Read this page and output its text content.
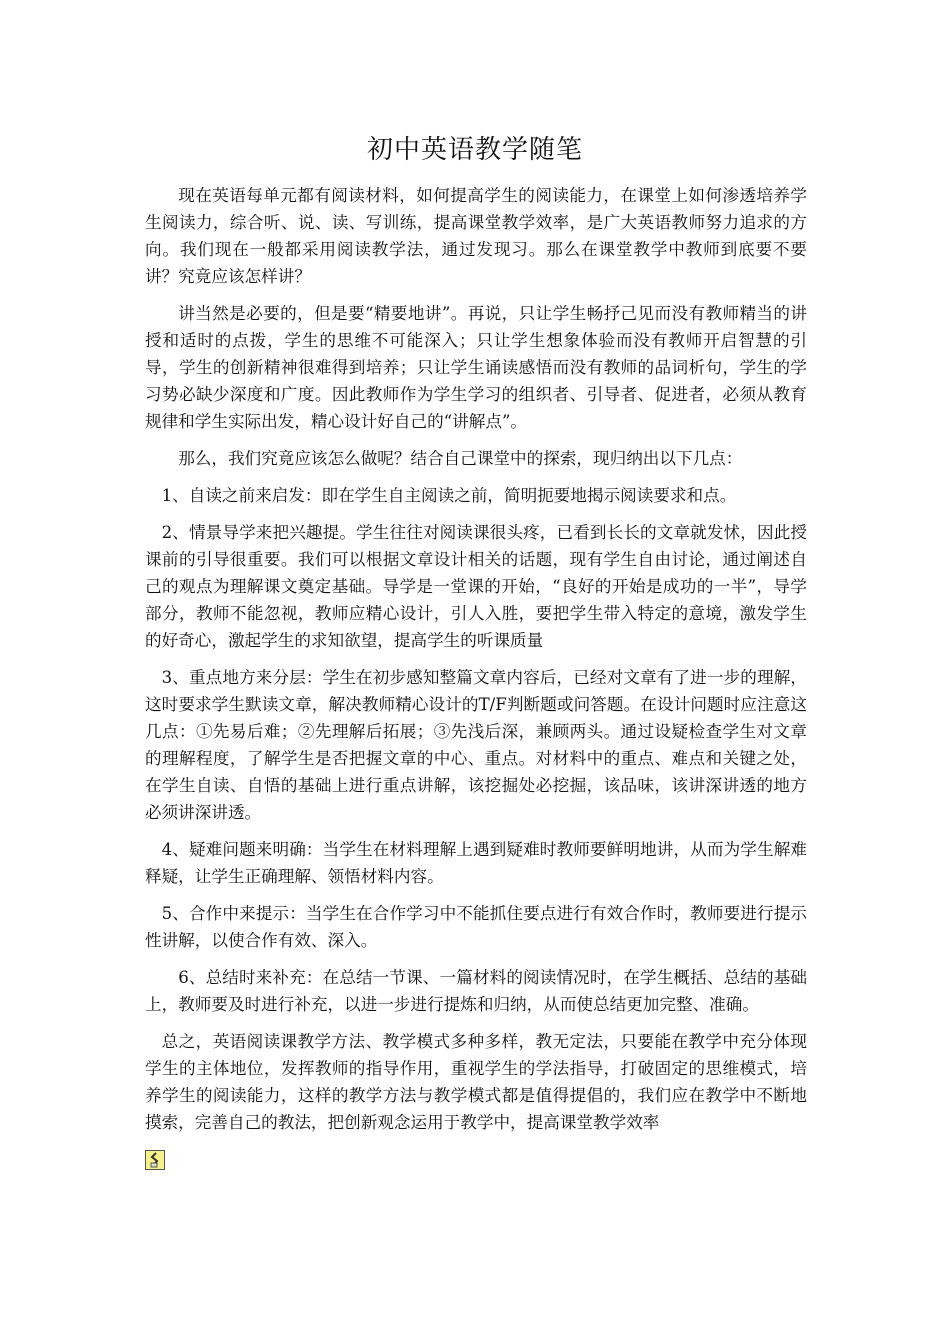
初中英语教学随笔

现在英语每单元都有阅读材料，如何提高学生的阅读能力，在课堂上如何渗透培养学生阅读力，综合听、说、读、写训练，提高课堂教学效率，是广大英语教师努力追求的方向。我们现在一般都采用阅读教学法，通过发现习。那么在课堂教学中教师到底要不要讲？究竟应该怎样讲？

讲当然是必要的，但是要“精要地讲”。再说，只让学生畅抒己见而没有教师精当的讲授和适时的点拨，学生的思维不可能深入；只让学生想象体验而没有教师开启智慧的引导，学生的创新精神很难得到培养；只让学生诵读感悟而没有教师的品词析句，学生的学习势必缺少深度和广度。因此教师作为学生学习的组织者、引导者、促进者，必须从教育规律和学生实际出发，精心设计好自己的“讲解点”。

那么，我们究竟应该怎么做呢？结合自己课堂中的探索，现归纳出以下几点：

1、自读之前来启发：即在学生自主阅读之前，简明扼要地揭示阅读要求和点。

2、情景导学来把兴趣提。学生往往对阅读课很头疼，已看到长长的文章就发怵，因此授课前的引导很重要。我们可以根据文章设计相关的话题，现有学生自由讨论，通过阐述自己的观点为理解课文奠定基础。导学是一堂课的开始，“良好的开始是成功的一半”，导学部分，教师不能忽视，教师应精心设计，引人入胜，要把学生带入特定的意境，激发学生的好奇心，激起学生的求知欲望，提高学生的听课质量

3、重点地方来分层：学生在初步感知整篇文章内容后，已经对文章有了进一步的理解，这时要求学生默读文章，解决教师精心设计的T/F判断题或问答题。在设计问题时应注意这几点：①先易后难；②先理解后拓展；③先浅后深，兼顾两头。通过设疑检查学生对文章的理解程度，了解学生是否把握文章的中心、重点。对材料中的重点、难点和关键之处，在学生自读、自悟的基础上进行重点讲解，该挖掘处必挖掘，该品味，该讲深讲透的地方必须讲深讲透。

4、疑难问题来明确：当学生在材料理解上遇到疑难时教师要鲜明地讲，从而为学生解难释疑，让学生正确理解、领悟材料内容。

5、合作中来提示：当学生在合作学习中不能抓住要点进行有效合作时，教师要进行提示性讲解，以使合作有效、深入。

6、总结时来补充：在总结一节课、一篇材料的阅读情况时，在学生概括、总结的基础上，教师要及时进行补充，以进一步进行提炼和归纳，从而使总结更加完整、准确。

总之，英语阅读课教学方法、教学模式多种多样，教无定法，只要能在教学中充分体现学生的主体地位，发挥教师的指导作用，重视学生的学法指导，打破固定的思维模式，培养学生的阅读能力，这样的教学方法与教学模式都是值得提倡的，我们应在教学中不断地摸索，完善自己的教法，把创新观念运用于教学中，提高课堂教学效率
